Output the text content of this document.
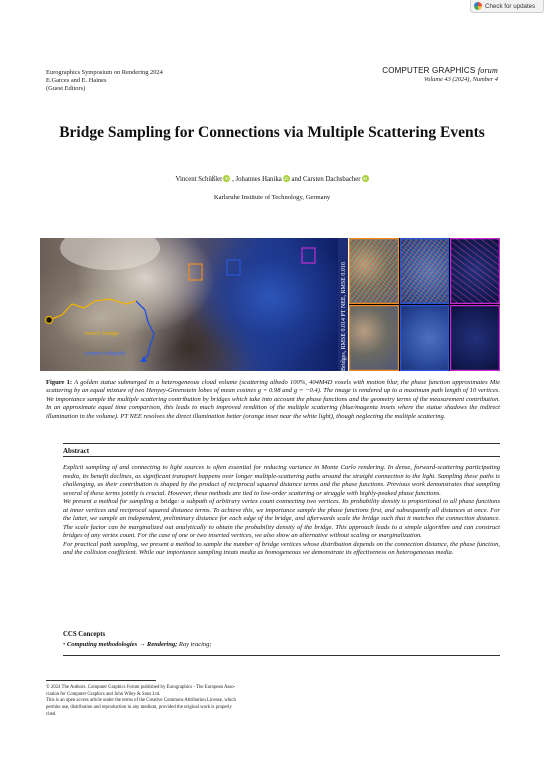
Check for updates
Eurographics Symposium on Rendering 2024
E.Garces and E. Haines
(Guest Editors)
COMPUTER GRAPHICS forum
Volume 43 (2024), Number 4
Bridge Sampling for Connections via Multiple Scattering Events
Vincent Schüßler iD , Johannes Hanika iD and Carsten Dachsbacher iD
Karlsruhe Institute of Technology, Germany
vertex bridge
camera subpath	Bridges, RMSE 0.014 PT NEE, RMSE 0.016
Figure 1: A golden statue submerged in a heterogeneous cloud volume (scattering albedo 100%, 404M4D voxels with motion blur, the phase function approximates Mie scattering by an equal mixture of two Henyey-Greenstein lobes of mean cosines g = 0.98 and g = −0.4). The image is rendered up to a maximum path length of 10 vertices. We importance sample the multiple scattering contribution by bridges which take into account the phase functions and the geometry terms of the measurement contribution. In an approximate equal time comparison, this leads to much improved rendition of the multiple scattering (blue/magenta insets where the statue shadows the indirect illumination in the volume). PT NEE resolves the direct illumination better (orange inset near the white light), though neglecting the multiple scattering.
Abstract

Explicit sampling of and connecting to light sources is often essential for reducing variance in Monte Carlo rendering. In dense, forward-scattering participating media, its benefit declines, as significant transport happens over longer multiple-scattering paths around the straight connection to the light. Sampling these paths is challenging, as their contribution is shaped by the product of reciprocal squared distance terms and the phase functions. Previous work demonstrates that sampling several of these terms jointly is crucial. However, these methods are tied to low-order scattering or struggle with highly-peaked phase functions.

We present a method for sampling a bridge: a subpath of arbitrary vertex count connecting two vertices. Its probability density is proportional to all phase functions at inner vertices and reciprocal squared distance terms. To achieve this, we importance sample the phase functions first, and subsequently all distances at once. For the latter, we sample an independent, preliminary distance for each edge of the bridge, and afterwards scale the bridge such that it matches the connection distance. The scale factor can be marginalized out analytically to obtain the probability density of the bridge. This approach leads to a simple algorithm and can construct bridges of any vertex count. For the case of one or two inserted vertices, we also show an alternative without scaling or marginalization.

For practical path sampling, we present a method to sample the number of bridge vertices whose distribution depends on the connection distance, the phase function, and the collision coefficient. While our importance sampling treats media as homogeneous we demonstrate its effectiveness on heterogeneous media.

CCS Concepts
• Computing methodologies → Rendering; Ray tracing;
© 2024 The Authors. Computer Graphics Forum published by Eurographics - The European Asso-
ciation for Computer Graphics and John Wiley & Sons Ltd.
This is an open access article under the terms of the Creative Commons Attribution License, which
permits use, distribution and reproduction in any medium, provided the original work is properly
cited.
